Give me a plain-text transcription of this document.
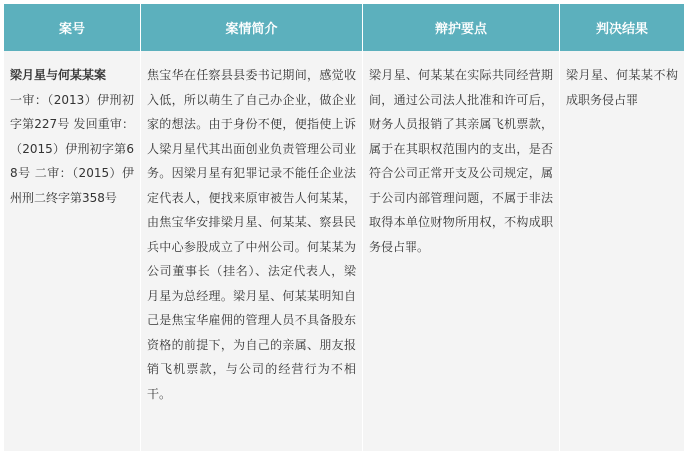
案号	案情简介	辩护要点	判决结果

梁月星与何某某案
一审：（2013）伊刑初字第227号 发回重审：（2015）伊刑初字第68号 二审：（2015）伊州刑二终字第358号	焦宝华在任察县县委书记期间，感觉收入低，所以萌生了自己办企业，做企业家的想法。由于身份不便，便指使上诉人梁月星代其出面创业负责管理公司业务。因梁月星有犯罪记录不能任企业法定代表人，便找来原审被告人何某某，由焦宝华安排梁月星、何某某、察县民兵中心参股成立了中州公司。何某某为公司董事长（挂名）、法定代表人，梁月星为总经理。梁月星、何某某明知自己是焦宝华雇佣的管理人员不具备股东资格的前提下，为自己的亲属、朋友报销飞机票款，与公司的经营行为不相干。	梁月星、何某某在实际共同经营期间，通过公司法人批准和许可后，财务人员报销了其亲属飞机票款，属于在其职权范围内的支出，是否符合公司正常开支及公司规定，属于公司内部管理问题，不属于非法取得本单位财物所用权，不构成职务侵占罪。	梁月星、何某某不构成职务侵占罪
